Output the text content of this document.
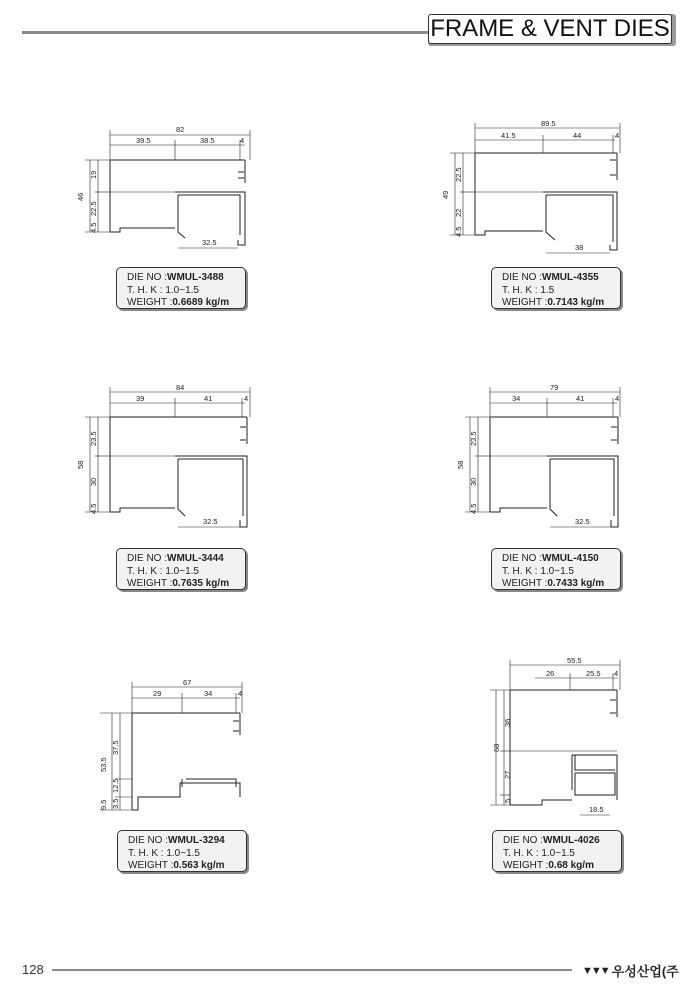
FRAME & VENT DIES
82
39.5	38.5	4
19
22.5
4.5
46
32.5
DIE NO :WMUL-3488
T. H. K : 1.0~1.5
WEIGHT :0.6689 kg/m
89.5
41.5	44	4
22.5
22
4.5
49
38
DIE NO :WMUL-4355
T. H. K : 1.5
WEIGHT :0.7143 kg/m
84
39	41	4
23.5
30
4.5
58
32.5
DIE NO :WMUL-3444
T. H. K : 1.0~1.5
WEIGHT :0.7635 kg/m
79
34	41	4
23.5
30
4.5
58
32.5
DIE NO :WMUL-4150
T. H. K : 1.0~1.5
WEIGHT :0.7433 kg/m
67
29	34	4
37.5
12.5
3.5
53.5
9.5
DIE NO :WMUL-3294
T. H. K : 1.0~1.5
WEIGHT :0.563 kg/m
55.5
26	25.5 4
36
27
5
68
18.5
DIE NO :WMUL-4026
T. H. K : 1.0~1.5
WEIGHT :0.68 kg/m
128	▼▼▼ 우성산업(주
